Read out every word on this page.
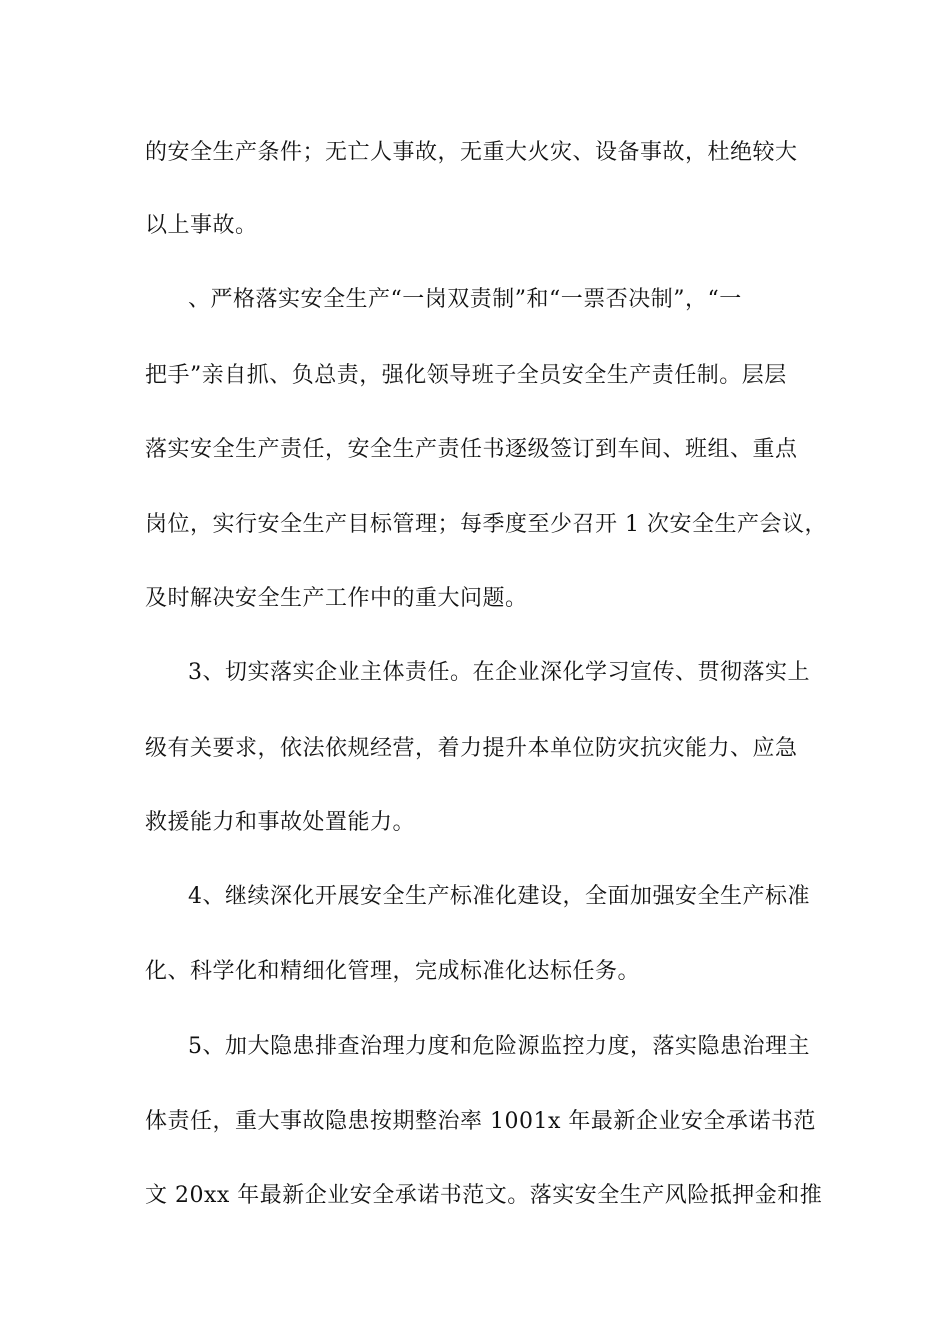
的安全生产条件；无亡人事故，无重大火灾、设备事故，杜绝较大
以上事故。
、严格落实安全生产“一岗双责制”和“一票否决制”，“一
把手”亲自抓、负总责，强化领导班子全员安全生产责任制。层层
落实安全生产责任，安全生产责任书逐级签订到车间、班组、重点
岗位，实行安全生产目标管理；每季度至少召开 1 次安全生产会议，
及时解决安全生产工作中的重大问题。
3、切实落实企业主体责任。在企业深化学习宣传、贯彻落实上
级有关要求，依法依规经营，着力提升本单位防灾抗灾能力、应急
救援能力和事故处置能力。
4、继续深化开展安全生产标准化建设，全面加强安全生产标准
化、科学化和精细化管理，完成标准化达标任务。
5、加大隐患排查治理力度和危险源监控力度，落实隐患治理主
体责任，重大事故隐患按期整治率 1001x 年最新企业安全承诺书范
文 20xx 年最新企业安全承诺书范文。落实安全生产风险抵押金和推
